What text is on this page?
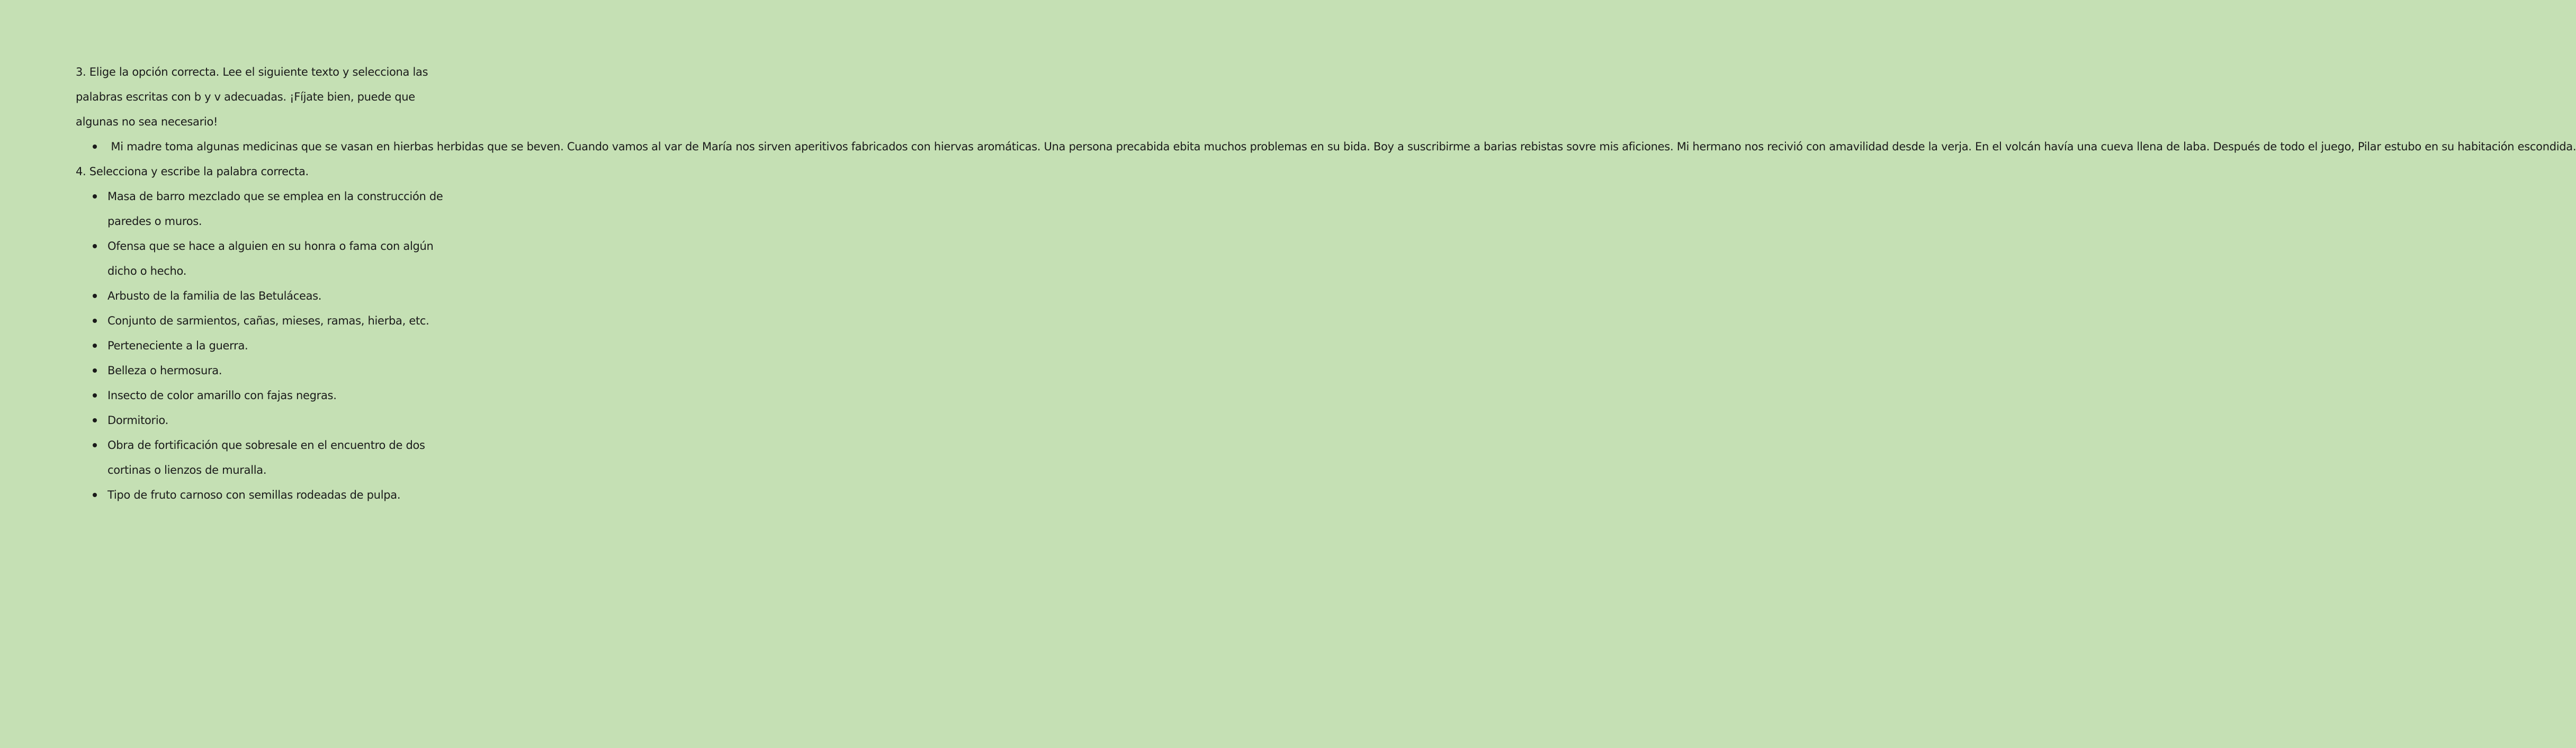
3. Elige la opción correcta. Lee el siguiente texto y selecciona las palabras escritas con b y v adecuadas. ¡Fíjate bien, puede que algunas no sea necesario!

Mi madre toma algunas medicinas que se vasan en hierbas herbidas que se beven. Cuando vamos al var de María nos sirven aperitivos fabricados con hiervas aromáticas. Una persona precabida ebita muchos problemas en su bida. Boy a suscribirme a barias rebistas sovre mis aficiones. Mi hermano nos recivió con amavilidad desde la verja. En el volcán havía una cueva llena de laba. Después de todo el juego, Pilar estubo en su habitación escondida.

4. Selecciona y escribe la palabra correcta.

Masa de barro mezclado que se emplea en la construcción de paredes o muros.
Ofensa que se hace a alguien en su honra o fama con algún dicho o hecho.
Arbusto de la familia de las Betuláceas.
Conjunto de sarmientos, cañas, mieses, ramas, hierba, etc.
Perteneciente a la guerra.
Belleza o hermosura.
Insecto de color amarillo con fajas negras.
Dormitorio.
Obra de fortificación que sobresale en el encuentro de dos cortinas o lienzos de muralla.
Tipo de fruto carnoso con semillas rodeadas de pulpa.
